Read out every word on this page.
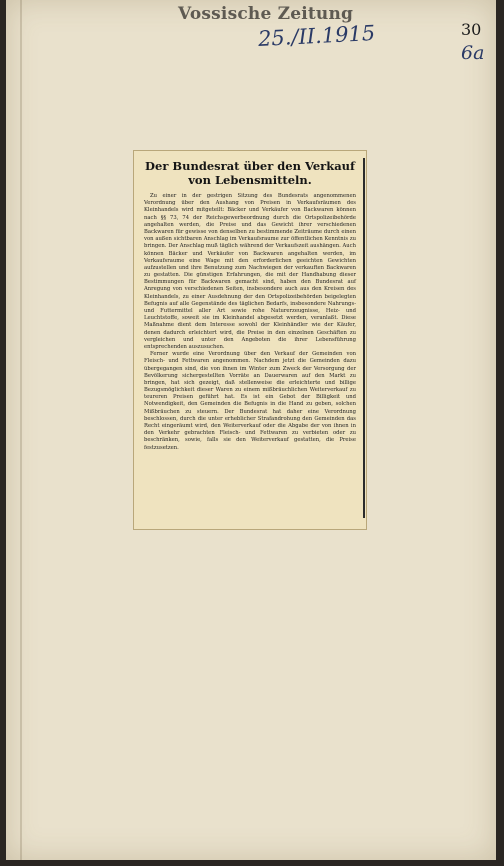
Vossische Zeitung
25./II.1915	30
6a
Der Bundesrat über den Verkauf
von Lebensmitteln.

Zu einer in der gestrigen Sitzung des Bundesrats angenommenen Verordnung über den Aushang von Preisen in Verkaufsräumen des Kleinhandels wird mitgeteilt: Bäcker und Verkäufer von Backwaren können nach §§ 73, 74 der Reichsgewerbeordnung durch die Ortspolizeibehörde angehalten werden, die Preise und das Gewicht ihrer verschiedenen Backwaren für gewisse von denselben zu bestimmende Zeiträume durch einen von außen sichtbaren Anschlag im Verkaufsraume zur öffentlichen Kenntnis zu bringen. Der Anschlag muß täglich während der Verkaufszeit aushängen. Auch können Bäcker und Verkäufer von Backwaren angehalten werden, im Verkaufsraume eine Wage mit den erforderlichen geeichten Gewichten aufzustellen und ihre Benutzung zum Nachwiegen der verkauften Backwaren zu gestatten. Die günstigen Erfahrungen, die mit der Handhabung dieser Bestimmungen für Backwaren gemacht sind, haben den Bundesrat auf Anregung von verschiedenen Seiten, insbesondere auch aus den Kreisen des Kleinhandels, zu einer Ausdehnung der den Ortspolizeibehörden beigelegten Befugnis auf alle Gegenstände des täglichen Bedarfs, insbesondere Nahrungs- und Futtermittel aller Art sowie rohe Naturerzeugnisse, Heiz- und Leuchtstoffe, soweit sie im Kleinhandel abgesetzt werden, veranlaßt. Diese Maßnahme dient dem Interesse sowohl der Kleinhändler wie der Käufer, denen dadurch erleichtert wird, die Preise in den einzelnen Geschäften zu vergleichen und unter den Angeboten die ihrer Lebensführung entsprechenden auszusuchen.

Ferner wurde eine Verordnung über den Verkauf der Gemeinden von Fleisch- und Fettwaren angenommen. Nachdem jetzt die Gemeinden dazu übergegangen sind, die von ihnen im Winter zum Zweck der Versorgung der Bevölkerung sichergestellten Vorräte an Dauerwaren auf den Markt zu bringen, hat sich gezeigt, daß stellenweise die erleichterte und billige Bezugsmöglichkeit dieser Waren zu einem mißbräuchlichen Weiterverkauf zu teureren Preisen geführt hat. Es ist ein Gebot der Billigkeit und Notwendigkeit, den Gemeinden die Befugnis in die Hand zu geben, solchen Mißbräuchen zu steuern. Der Bundesrat hat daher eine Verordnung beschlossen, durch die unter erheblicher Strafandrohung den Gemeinden das Recht eingeräumt wird, den Weiterverkauf oder die Abgabe der von ihnen in den Verkehr gebrachten Fleisch- und Fettwaren zu verbieten oder zu beschränken, sowie, falls sie den Weiterverkauf gestatten, die Preise festzusetzen.
